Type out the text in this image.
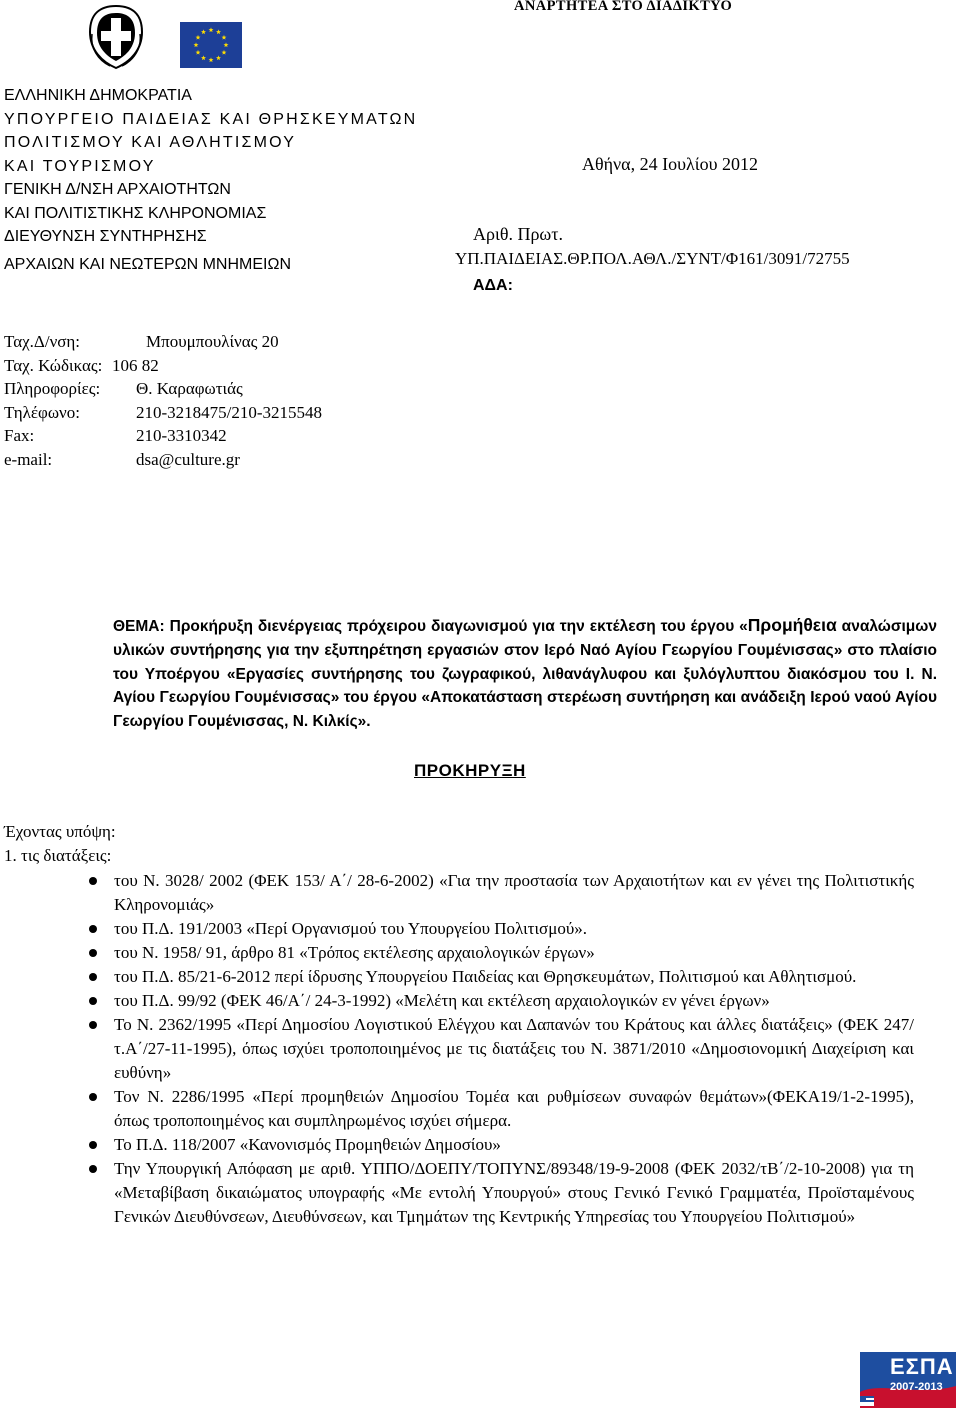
ΑΝΑΡΤΗΤΕΑ ΣΤΟ ΔΙΑΔΙΚΤΥΟ
ΕΛΛΗΝΙΚΗ ΔΗΜΟΚΡΑΤΙΑ
ΥΠΟΥΡΓΕΙΟ ΠΑΙΔΕΙΑΣ ΚΑΙ ΘΡΗΣΚΕΥΜΑΤΩΝ
ΠΟΛΙΤΙΣΜΟΥ ΚΑΙ ΑΘΛΗΤΙΣΜΟΥ
ΚΑΙ ΤΟΥΡΙΣΜΟΥ
ΓΕΝΙΚΗ Δ/ΝΣΗ ΑΡΧΑΙΟΤΗΤΩΝ
ΚΑΙ ΠΟΛΙΤΙΣΤΙΚΗΣ ΚΛΗΡΟΝΟΜΙΑΣ
ΔΙΕΥΘΥΝΣΗ ΣΥΝΤΗΡΗΣΗΣ
ΑΡΧΑΙΩΝ ΚΑΙ ΝΕΩΤΕΡΩΝ ΜΝΗΜΕΙΩΝ
Αθήνα, 24 Ιουλίου 2012
Αριθ. Πρωτ.
ΥΠ.ΠΑΙΔΕΙΑΣ.ΘΡ.ΠΟΛ.ΑΘΛ./ΣΥΝΤ/Φ161/3091/72755
ΑΔΑ:
Ταχ.Δ/νση:	Μπουμπουλίνας 20
Ταχ. Κώδικας: 106 82
Πληροφορίες: Θ. Καραφωτιάς
Τηλέφωνο:	210-3218475/210-3215548
Fax:	210-3310342
e-mail:	dsa@culture.gr
ΘΕΜΑ: Προκήρυξη διενέργειας πρόχειρου διαγωνισμού για την εκτέλεση του έργου «Προμήθεια αναλώσιμων υλικών συντήρησης για την εξυπηρέτηση εργασιών στον Ιερό Ναό Αγίου Γεωργίου Γουμένισσας» στο πλαίσιο του Υποέργου «Εργασίες συντήρησης του ζωγραφικού, λιθανάγλυφου και ξυλόγλυπτου διακόσμου του Ι. Ν. Αγίου Γεωργίου Γουμένισσας» του έργου «Αποκατάσταση στερέωση συντήρηση και ανάδειξη Ιερού ναού Αγίου Γεωργίου Γουμένισσας, Ν. Κιλκίς».
ΠΡΟΚΗΡΥΞΗ
Έχοντας υπόψη:
1. τις διατάξεις:
του Ν. 3028/ 2002 (ΦΕΚ 153/ Α΄/ 28-6-2002) «Για την προστασία των Αρχαιοτήτων και εν γένει της Πολιτιστικής Κληρονομιάς»
του Π.Δ. 191/2003 «Περί Οργανισμού του Υπουργείου Πολιτισμού».
του Ν. 1958/ 91, άρθρο 81 «Τρόπος εκτέλεσης αρχαιολογικών έργων»
του Π.Δ. 85/21-6-2012 περί ίδρυσης Υπουργείου Παιδείας και Θρησκευμάτων, Πολιτισμού και Αθλητισμού.
του Π.Δ. 99/92 (ΦΕΚ 46/Α΄/ 24-3-1992) «Μελέτη και εκτέλεση αρχαιολογικών εν γένει έργων»
Το Ν. 2362/1995 «Περί Δημοσίου Λογιστικού Ελέγχου και Δαπανών του Κράτους και άλλες διατάξεις» (ΦΕΚ 247/τ.Α΄/27-11-1995), όπως ισχύει τροποποιημένος με τις διατάξεις του Ν. 3871/2010 «Δημοσιονομική Διαχείριση και ευθύνη»
Τον Ν. 2286/1995 «Περί προμηθειών Δημοσίου Τομέα και ρυθμίσεων συναφών θεμάτων»(ΦΕΚΑ19/1-2-1995), όπως τροποποιημένος και συμπληρωμένος ισχύει σήμερα.
Το Π.Δ. 118/2007 «Κανονισμός Προμηθειών Δημοσίου»
Την Υπουργική Απόφαση με αριθ. ΥΠΠΟ/ΔΟΕΠΥ/ΤΟΠΥΝΣ/89348/19-9-2008 (ΦΕΚ 2032/τΒ΄/2-10-2008) για τη «Μεταβίβαση δικαιώματος υπογραφής «Με εντολή Υπουργού» στους Γενικό Γενικό Γραμματέα, Προϊσταμένους Γενικών Διευθύνσεων, Διευθύνσεων, και Τμημάτων της Κεντρικής Υπηρεσίας του Υπουργείου Πολιτισμού»
ΕΣΠΑ
2007-2013
